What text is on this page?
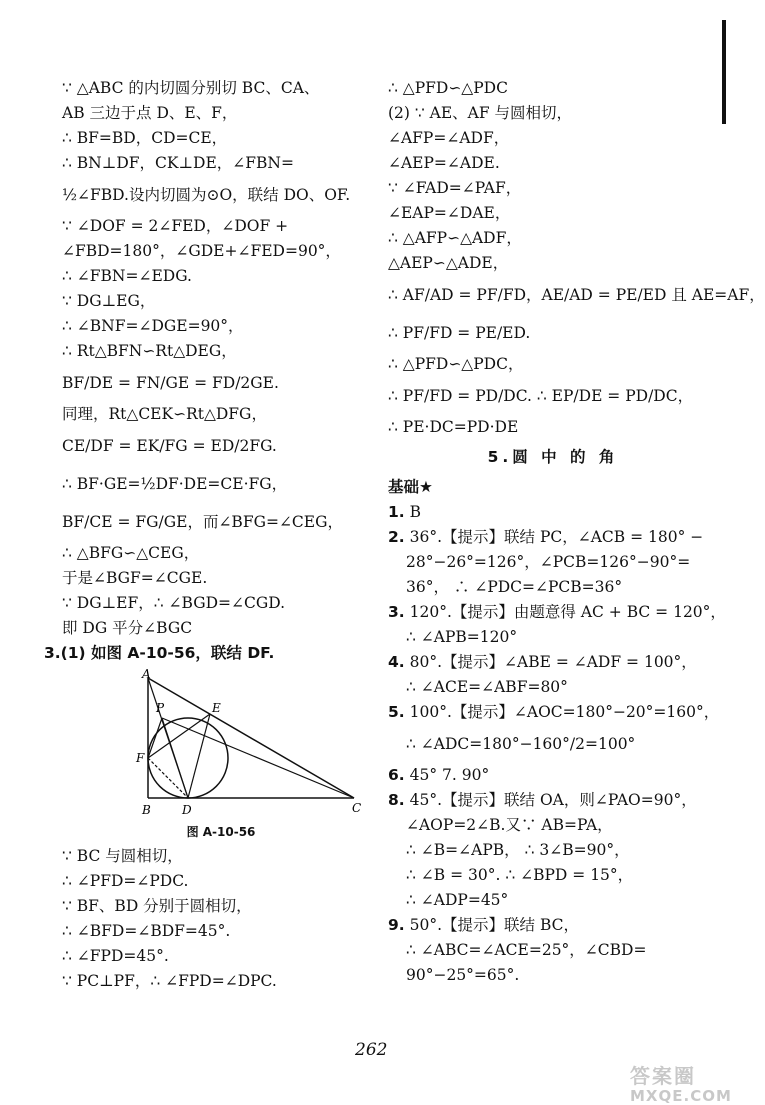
∵ △ABC 的内切圆分别切 BC、CA、
AB 三边于点 D、E、F，
∴ BF=BD，CD=CE，
∴ BN⊥DF，CK⊥DE，∠FBN=
½∠FBD.设内切圆为⊙O，联结 DO、OF.
∵ ∠DOF = 2∠FED，∠DOF +
∠FBD=180°，∠GDE+∠FED=90°，
∴ ∠FBN=∠EDG.
∵ DG⊥EG，
∴ ∠BNF=∠DGE=90°，
∴ Rt△BFN∽Rt△DEG，
BF/DE = FN/GE = FD/2GE.
同理，Rt△CEK∽Rt△DFG，
CE/DF = EK/FG = ED/2FG.
∴ BF·GE=½DF·DE=CE·FG，
BF/CE = FG/GE，而∠BFG=∠CEG，
∴ △BFG∽△CEG，
于是∠BGF=∠CGE.
∵ DG⊥EF，∴ ∠BGD=∠CGD.
即 DG 平分∠BGC
3.(1) 如图 A-10-56，联结 DF.
A
P	E
F
B	D	C
图 A-10-56
∵ BC 与圆相切，
∴ ∠PFD=∠PDC.
∵ BF、BD 分别于圆相切，
∴ ∠BFD=∠BDF=45°.
∴ ∠FPD=45°.
∵ PC⊥PF，∴ ∠FPD=∠DPC.
∴ △PFD∽△PDC
(2) ∵ AE、AF 与圆相切，
∠AFP=∠ADF，
∠AEP=∠ADE.
∵ ∠FAD=∠PAF，
∠EAP=∠DAE，
∴ △AFP∽△ADF，
△AEP∽△ADE，
∴ AF/AD = PF/FD，AE/AD = PE/ED 且 AE=AF，
∴ PF/FD = PE/ED.
∴ △PFD∽△PDC，
∴ PF/FD = PD/DC. ∴ EP/DE = PD/DC，
∴ PE·DC=PD·DE
5.圆 中 的 角
基础★
1. B
2. 36°.【提示】联结 PC，∠ACB = 180° −
28°−26°=126°，∠PCB=126°−90°=
36°， ∴ ∠PDC=∠PCB=36°
3. 120°.【提示】由题意得 AC + BC = 120°，
∴ ∠APB=120°
4. 80°.【提示】∠ABE = ∠ADF = 100°，
∴ ∠ACE=∠ABF=80°
5. 100°.【提示】∠AOC=180°−20°=160°，
∴ ∠ADC=180°−160°/2=100°
6. 45° 7. 90°
8. 45°.【提示】联结 OA，则∠PAO=90°，
∠AOP=2∠B.又∵ AB=PA，
∴ ∠B=∠APB， ∴ 3∠B=90°，
∴ ∠B = 30°. ∴ ∠BPD = 15°，
∴ ∠ADP=45°
9. 50°.【提示】联结 BC，
∴ ∠ABC=∠ACE=25°，∠CBD=
90°−25°=65°.
262
答案圈
MXQE.COM
